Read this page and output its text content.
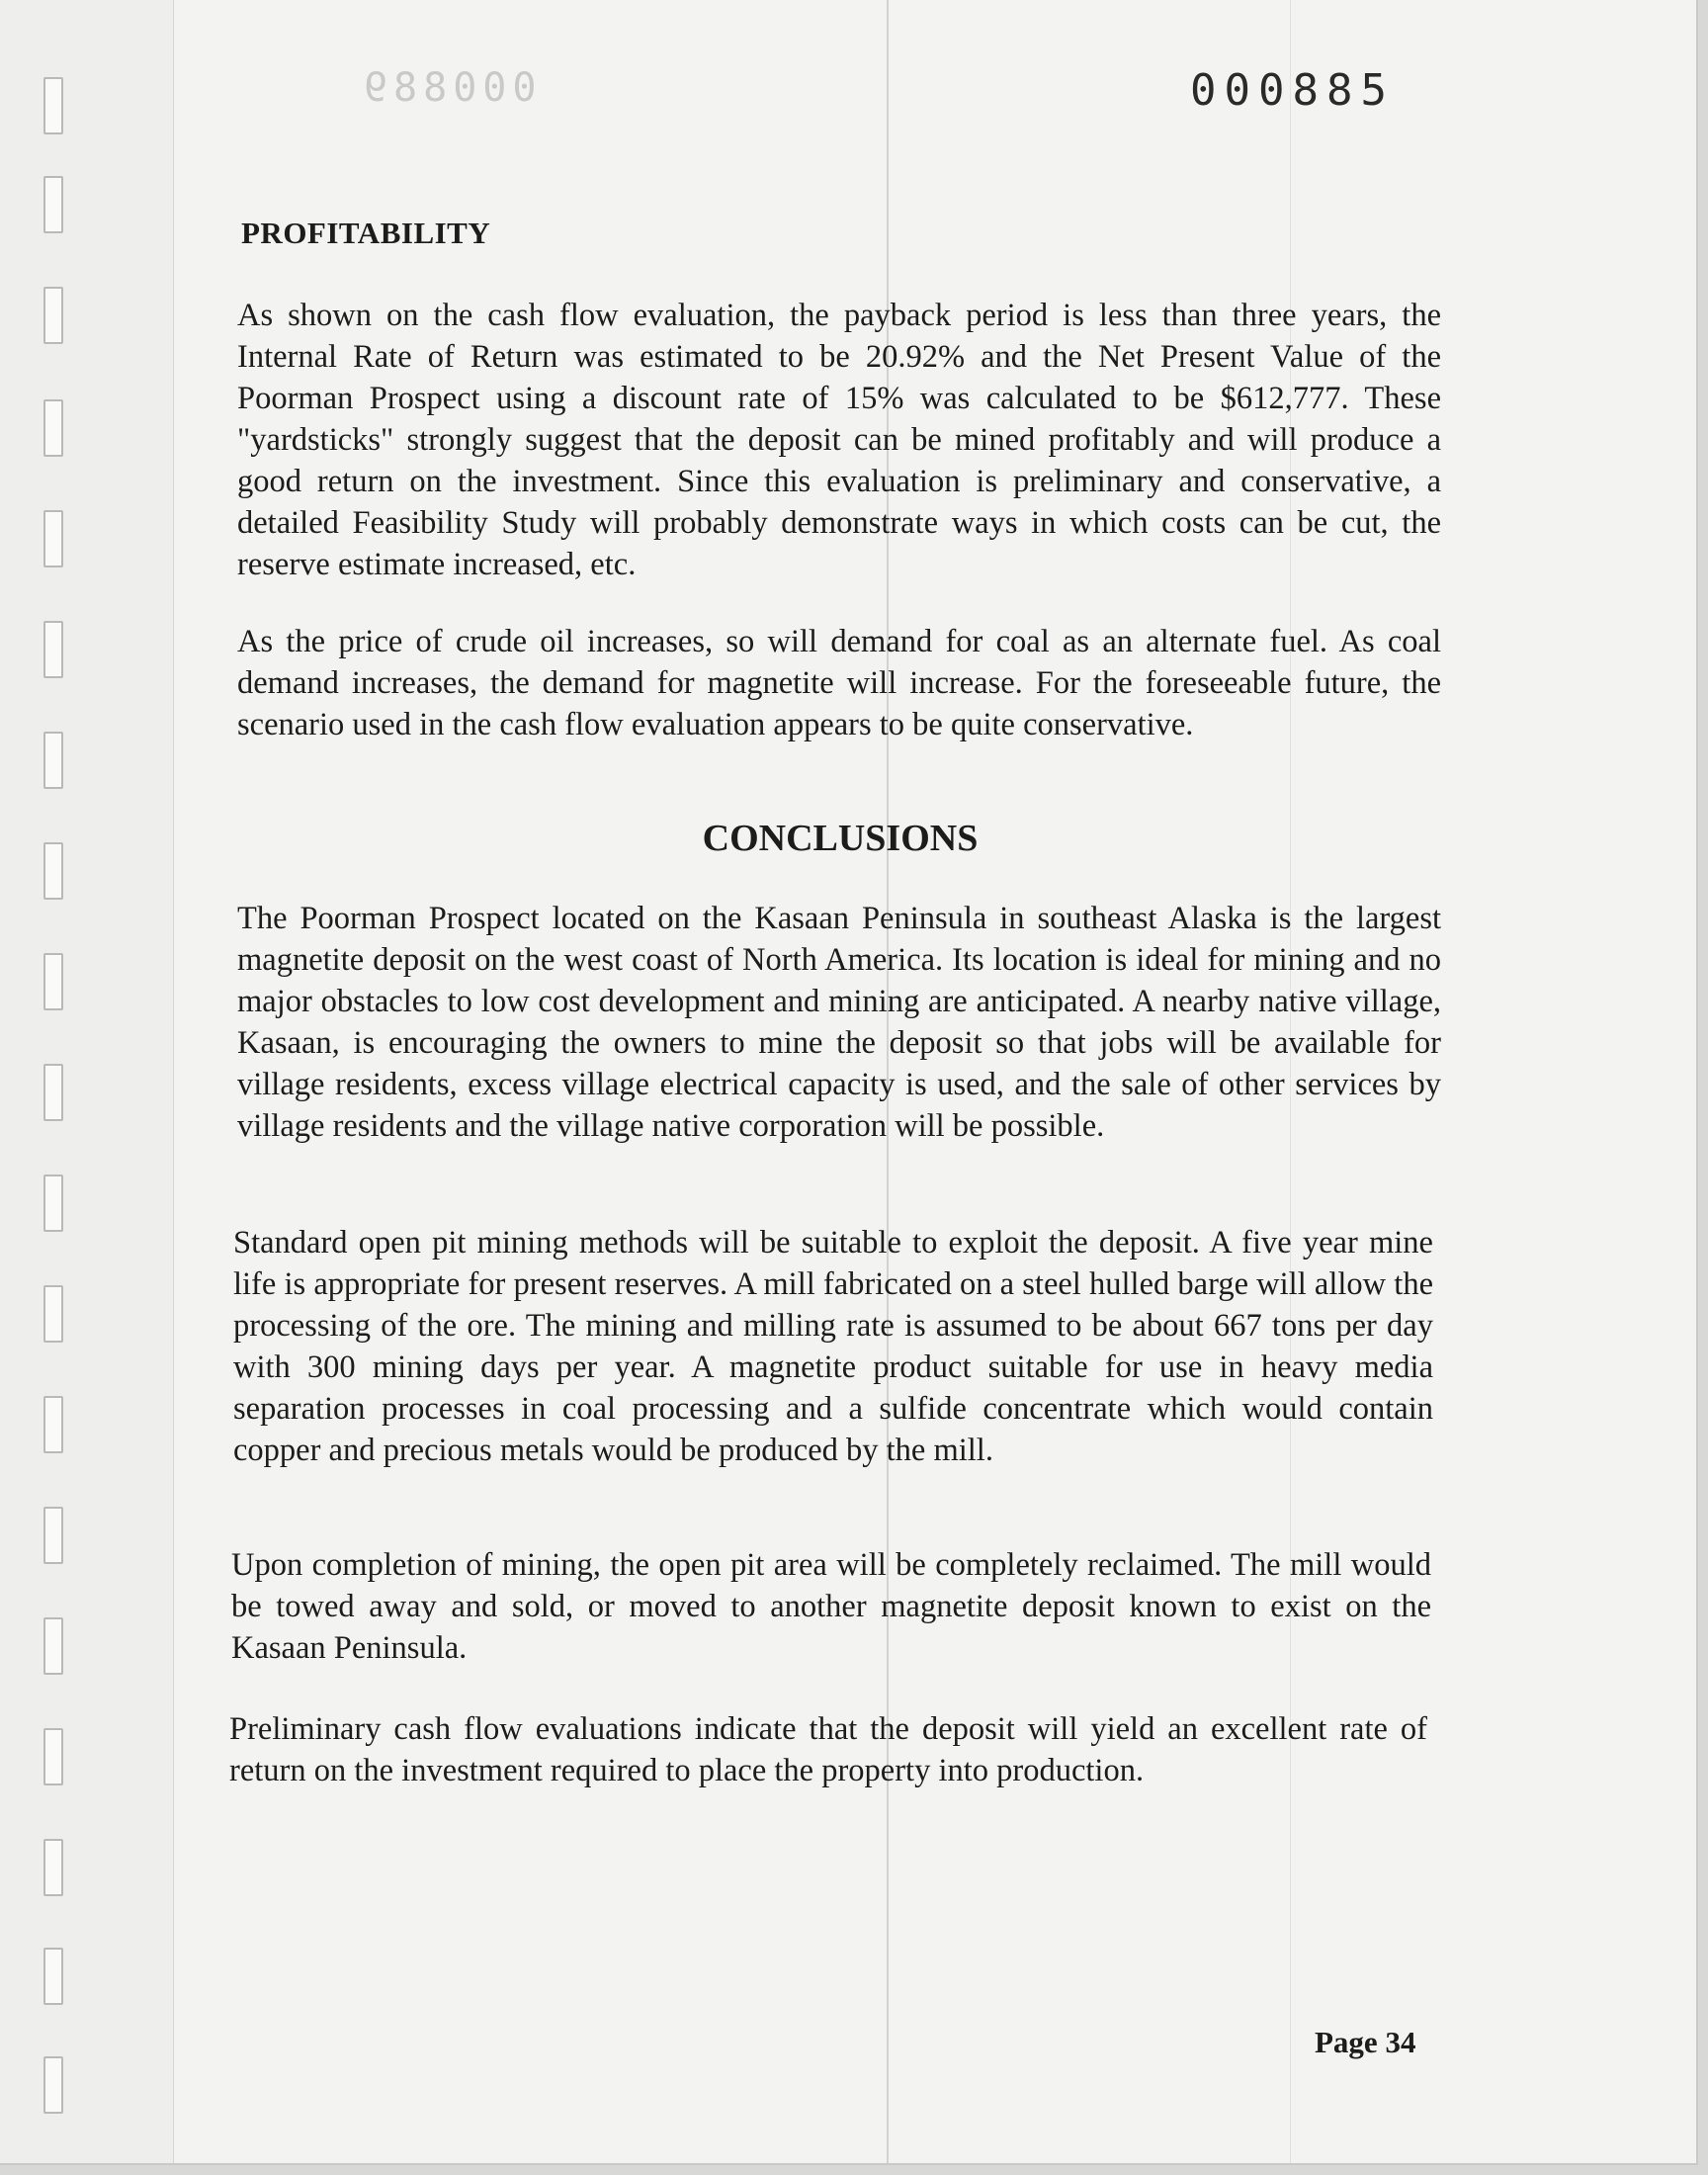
000889	000885
PROFITABILITY

As shown on the cash flow evaluation, the payback period is less than three years, the Internal Rate of Return was estimated to be 20.92% and the Net Present Value of the Poorman Prospect using a discount rate of 15% was calculated to be $612,777. These "yardsticks" strongly suggest that the deposit can be mined profitably and will produce a good return on the investment. Since this evaluation is preliminary and conservative, a detailed Feasibility Study will probably demonstrate ways in which costs can be cut, the reserve estimate increased, etc.

As the price of crude oil increases, so will demand for coal as an alternate fuel. As coal demand increases, the demand for magnetite will increase. For the foreseeable future, the scenario used in the cash flow evaluation appears to be quite conservative.

CONCLUSIONS

The Poorman Prospect located on the Kasaan Peninsula in southeast Alaska is the largest magnetite deposit on the west coast of North America. Its location is ideal for mining and no major obstacles to low cost development and mining are anticipated. A nearby native village, Kasaan, is encouraging the owners to mine the deposit so that jobs will be available for village residents, excess village electrical capacity is used, and the sale of other services by village residents and the village native corporation will be possible.

Standard open pit mining methods will be suitable to exploit the deposit. A five year mine life is appropriate for present reserves. A mill fabricated on a steel hulled barge will allow the processing of the ore. The mining and milling rate is assumed to be about 667 tons per day with 300 mining days per year. A magnetite product suitable for use in heavy media separation processes in coal processing and a sulfide concentrate which would contain copper and precious metals would be produced by the mill.

Upon completion of mining, the open pit area will be completely reclaimed. The mill would be towed away and sold, or moved to another magnetite deposit known to exist on the Kasaan Peninsula.

Preliminary cash flow evaluations indicate that the deposit will yield an excellent rate of return on the investment required to place the property into production.

Page 34
